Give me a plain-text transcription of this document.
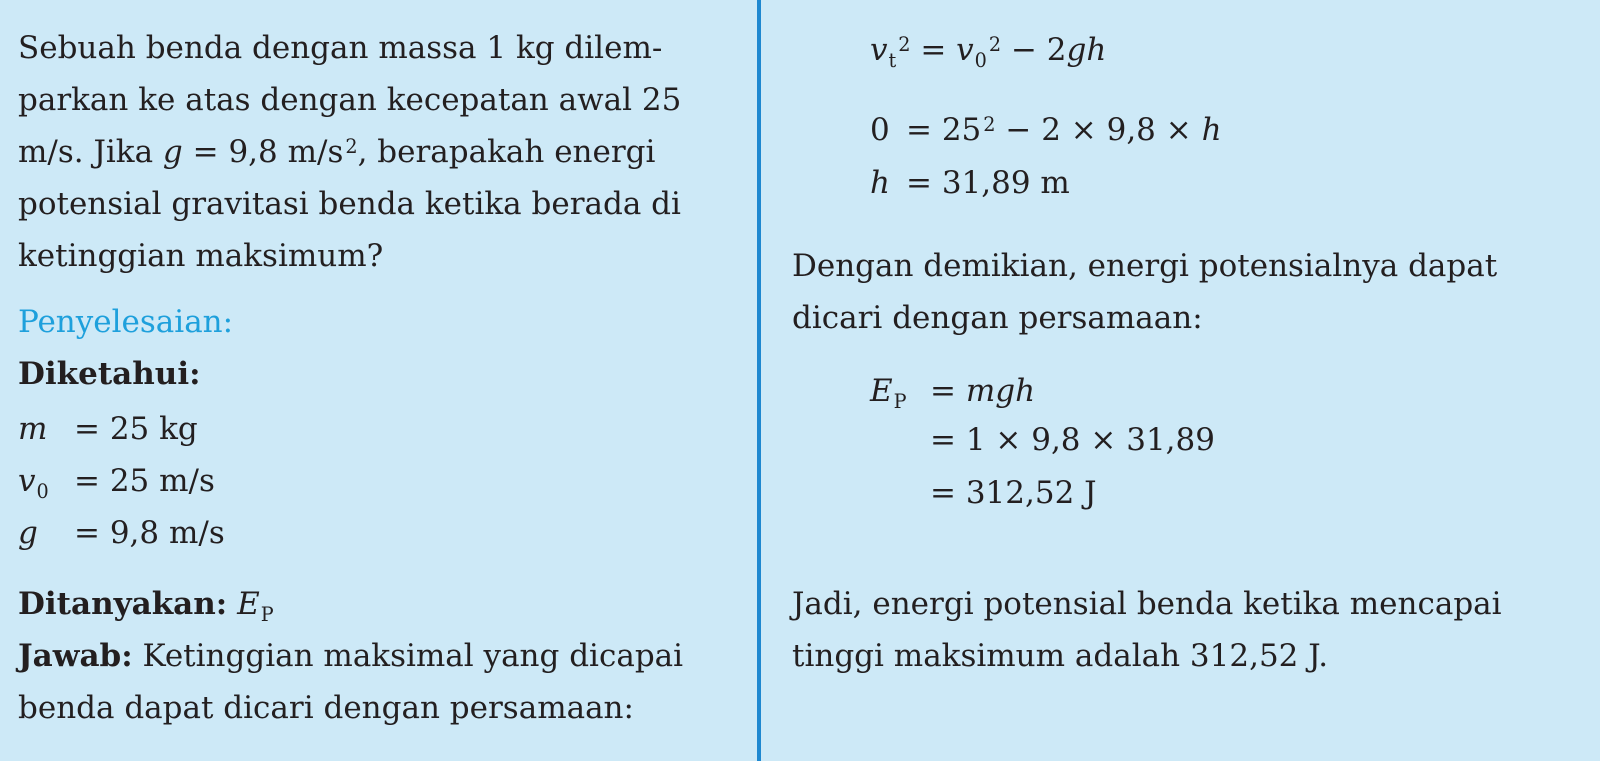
Sebuah benda dengan massa 1 kg dilem-
parkan ke atas dengan kecepatan awal 25
m/s. Jika g = 9,8 m/s $^2$, berapakah energi
potensial gravitasi benda ketika berada di
ketinggian maksimum?
Penyelesaian:
Diketahui:
m = 25 kg
$v_0 = 25$ m/s
g = 9,8 m/s
Ditanyakan: $E_P$
Jawab: Ketinggian maksimal yang dicapai
benda dapat dicari dengan persamaan:
$v_t^2 = v_0^2 - 2gh$
0 = 25 $^2$ − 2 × 9,8 × h
h = 31,89 m
Dengan demikian, energi potensialnya dapat
dicari dengan persamaan:
$E_P$ = mgh
= 1 × 9,8 × 31,89
= 312,52 J
Jadi, energi potensial benda ketika mencapai
tinggi maksimum adalah 312,52 J.
